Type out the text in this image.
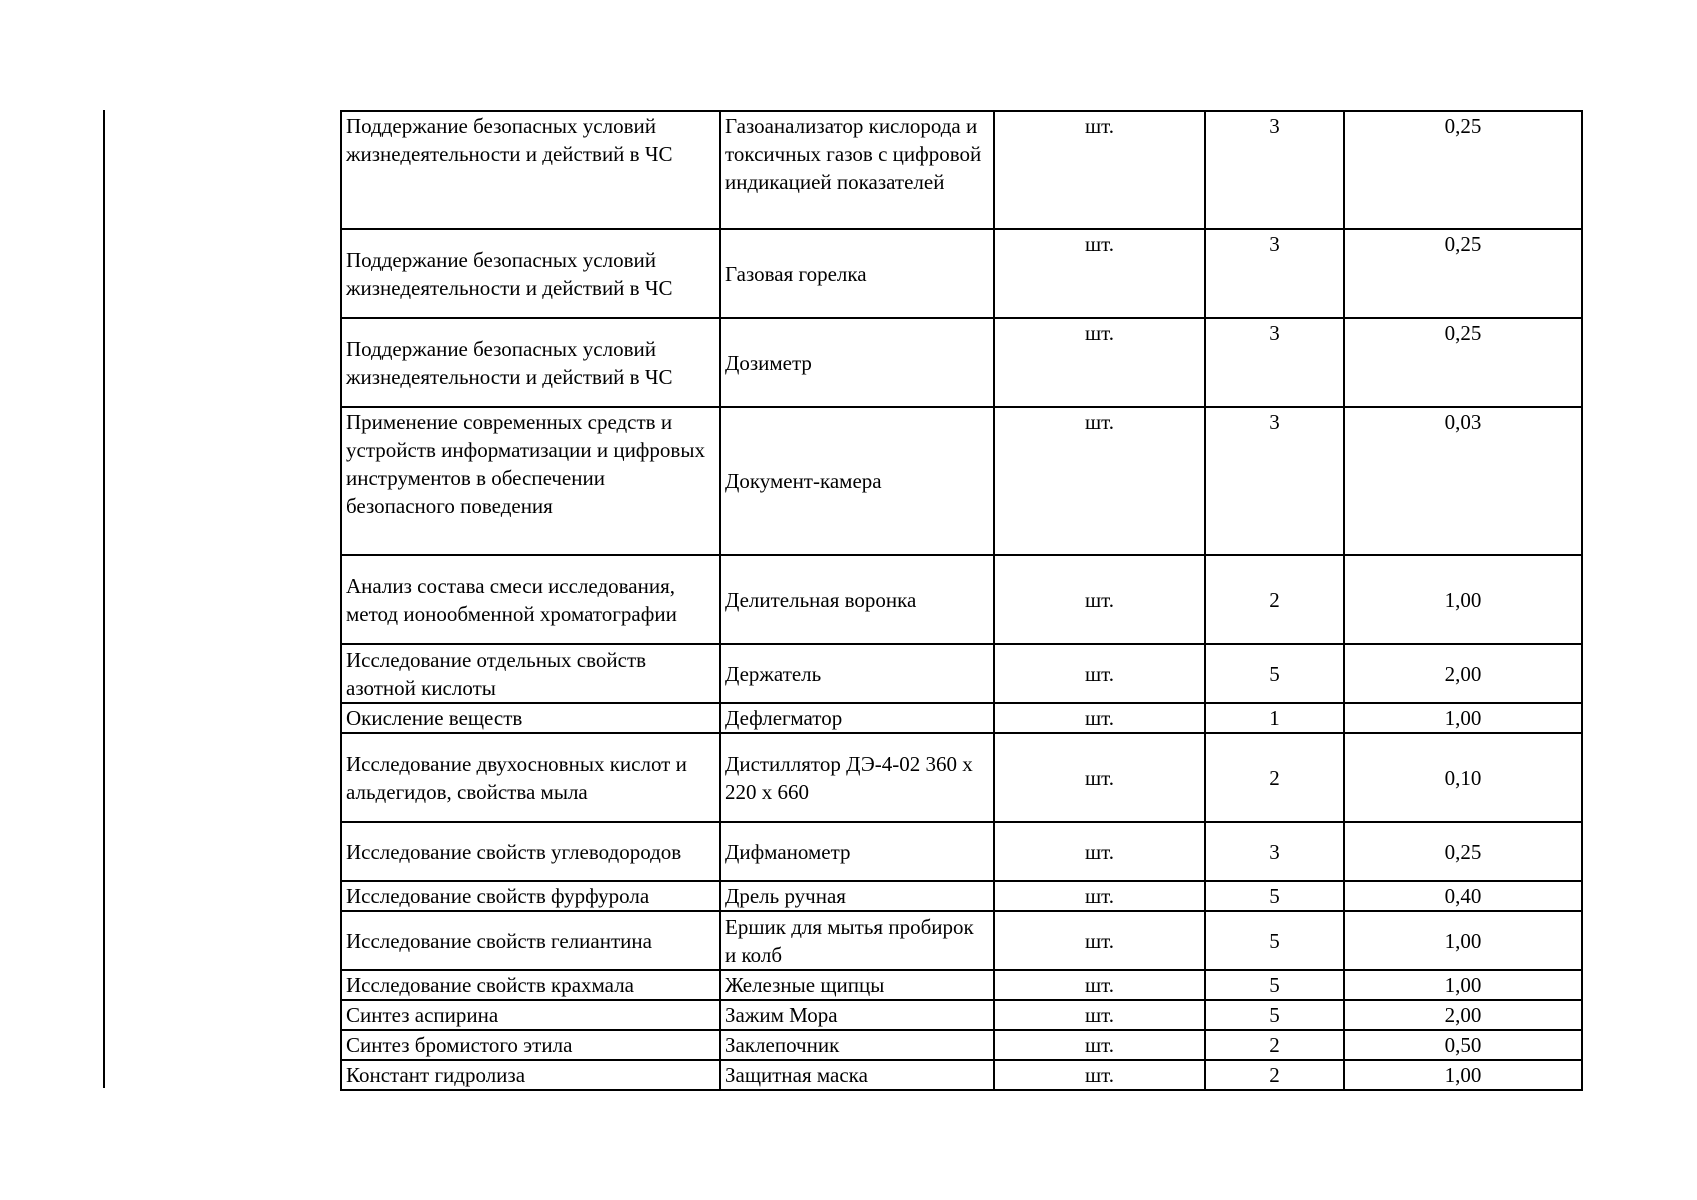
Поддержание безопасных условий жизнедеятельности и действий в ЧС	Газоанализатор кислорода и токсичных газов с цифровой индикацией показателей	шт.	3	0,25
Поддержание безопасных условий жизнедеятельности и действий в ЧС	Газовая горелка	шт.	3	0,25
Поддержание безопасных условий жизнедеятельности и действий в ЧС	Дозиметр	шт.	3	0,25
Применение современных средств и устройств информатизации и цифровых инструментов в обеспечении безопасного поведения	Документ-камера	шт.	3	0,03
Анализ состава смеси исследования, метод ионообменной хроматографии	Делительная воронка	шт.	2	1,00
Исследование отдельных свойств азотной кислоты	Держатель	шт.	5	2,00
Окисление веществ	Дефлегматор	шт.	1	1,00
Исследование двухосновных кислот и альдегидов, свойства мыла	Дистиллятор ДЭ-4-02 360 х 220 х 660	шт.	2	0,10
Исследование свойств углеводородов	Дифманометр	шт.	3	0,25
Исследование свойств фурфурола	Дрель ручная	шт.	5	0,40
Исследование свойств гелиантина	Ершик для мытья пробирок и колб	шт.	5	1,00
Исследование свойств крахмала	Железные щипцы	шт.	5	1,00
Синтез аспирина	Зажим Мора	шт.	5	2,00
Синтез бромистого этила	Заклепочник	шт.	2	0,50
Констант гидролиза	Защитная маска	шт.	2	1,00
